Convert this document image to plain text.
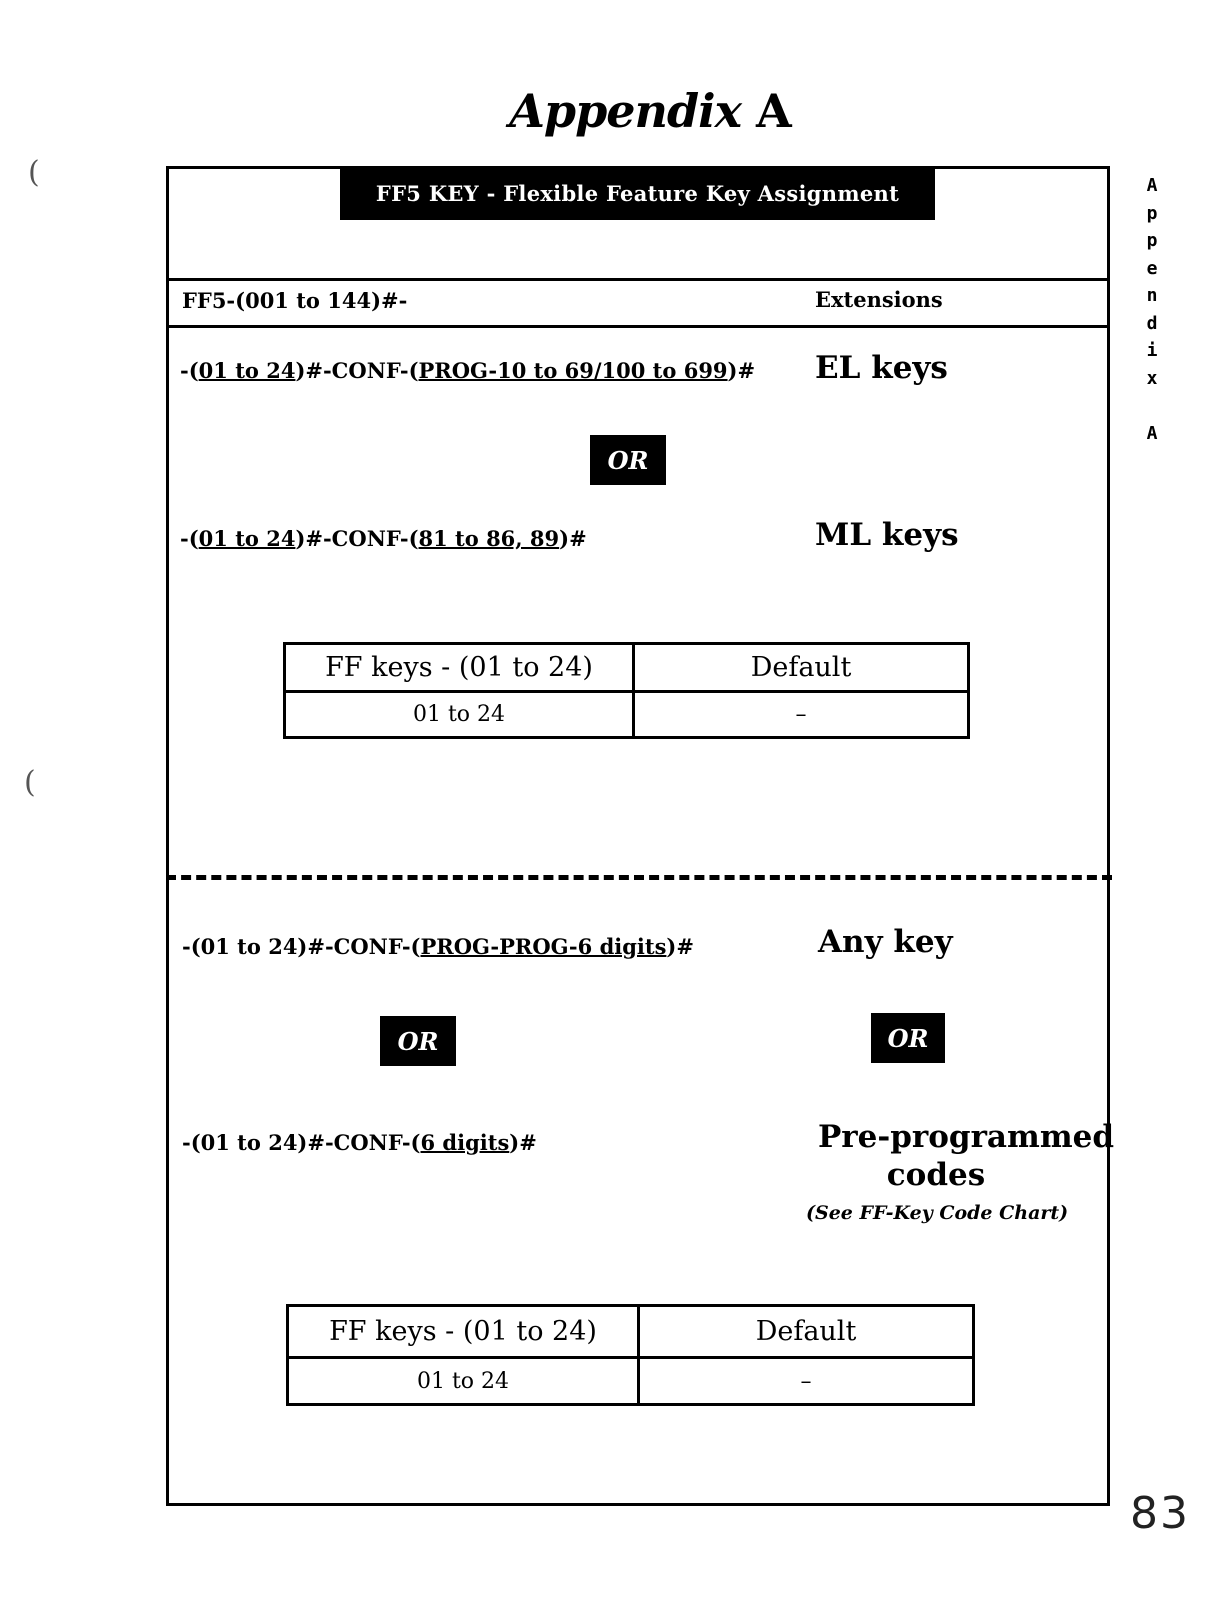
Appendix A
(
(
FF5 KEY - Flexible Feature Key Assignment
FF5-(001 to 144)#-	Extensions
-(01 to 24)#-CONF-(PROG-10 to 69/100 to 699)# EL keys
OR
-(01 to 24)#-CONF-(81 to 86, 89)#	ML keys
FF keys - (01 to 24)	Default
01 to 24	–
-(01 to 24)#-CONF-(PROG-PROG-6 digits)#	Any key
OR	OR
-(01 to 24)#-CONF-(6 digits)#	Pre-programmed
codes
(See FF-Key Code Chart)
FF keys - (01 to 24)	Default
01 to 24	–
A
p
p
e
n
d
i
x
A
83
